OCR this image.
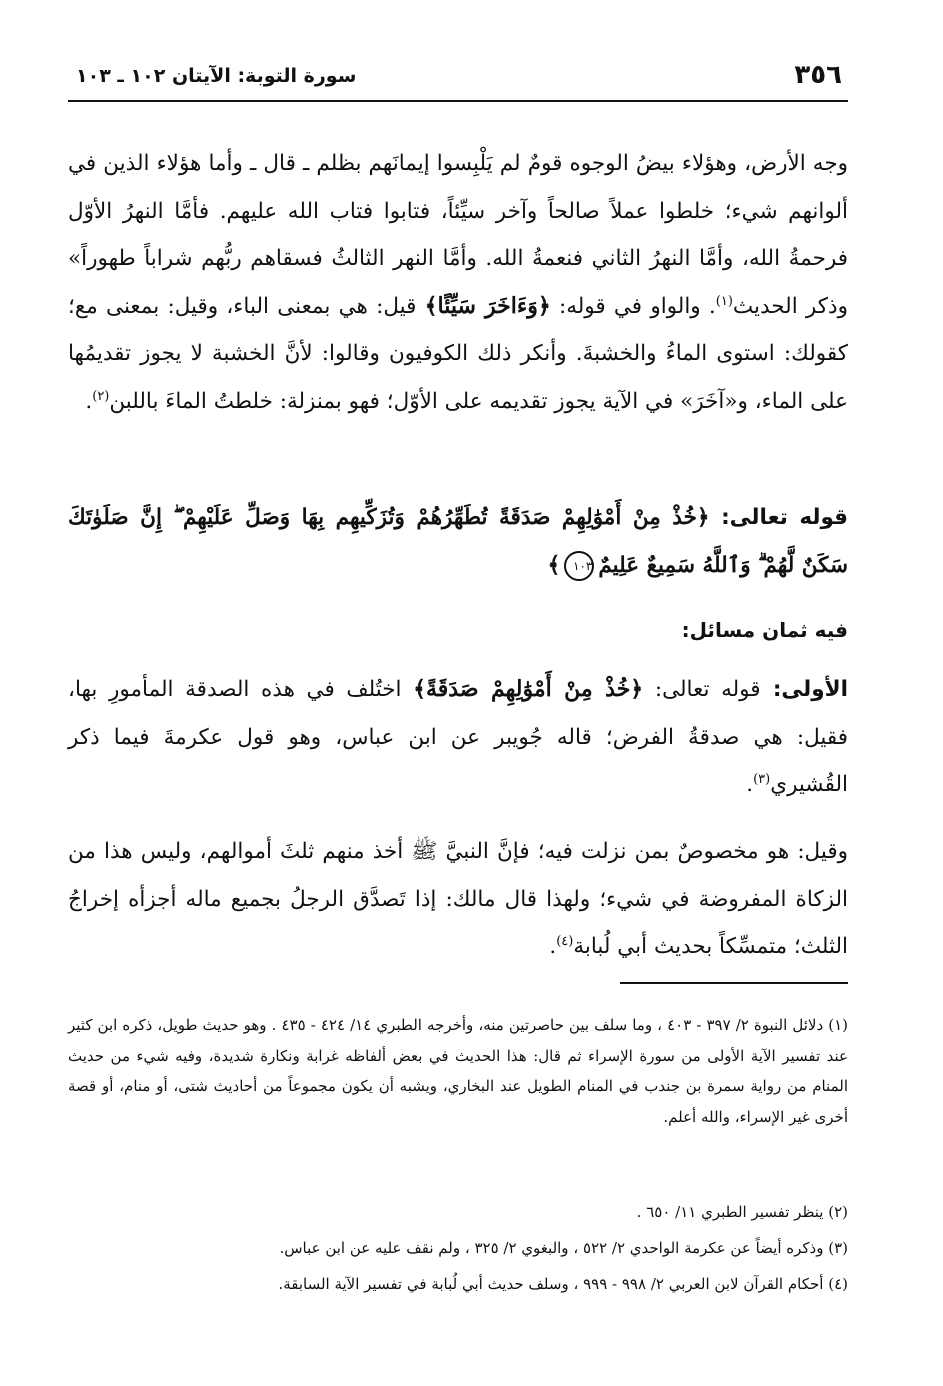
٣٥٦
سورة التوبة: الآيتان ١٠٢ ـ ١٠٣

وجه الأرض، وهؤلاء بيضُ الوجوه قومٌ لم يَلْبِسوا إيمانَهم بظلم ـ قال ـ وأما هؤلاء الذين في ألوانهم شيء؛ خلطوا عملاً صالحاً وآخر سيِّئاً، فتابوا فتاب الله عليهم. فأمَّا النهرُ الأوّل فرحمةُ الله، وأمَّا النهرُ الثاني فنعمةُ الله. وأمَّا النهر الثالثُ فسقاهم ربُّهم شراباً طهوراً» وذكر الحديث$^{(١)}$. والواو في قوله: ﴿وَءَاخَرَ سَيِّئًا﴾ قيل: هي بمعنى الباء، وقيل: بمعنى مع؛ كقولك: استوى الماءُ والخشبةَ. وأنكر ذلك الكوفيون وقالوا: لأنَّ الخشبة لا يجوز تقديمُها على الماء، و«آخَرَ» في الآية يجوز تقديمه على الأوّل؛ فهو بمنزلة: خلطتُ الماءَ باللبن$^{(٢)}$.

قوله تعالى: ﴿خُذْ مِنْ أَمْوَٰلِهِمْ صَدَقَةً تُطَهِّرُهُمْ وَتُزَكِّيهِم بِهَا وَصَلِّ عَلَيْهِمْ ۖ إِنَّ صَلَوٰتَكَ سَكَنٌ لَّهُمْ ۗ وَٱللَّهُ سَمِيعٌ عَلِيمٌ١٠٣﴾

فيه ثمان مسائل:

الأولى: قوله تعالى: ﴿خُذْ مِنْ أَمْوَٰلِهِمْ صَدَقَةً﴾ اختُلف في هذه الصدقة المأمورِ بها، فقيل: هي صدقةُ الفرض؛ قاله جُويبر عن ابن عباس، وهو قول عكرمةَ فيما ذكر القُشيري$^{(٣)}$.

وقيل: هو مخصوصٌ بمن نزلت فيه؛ فإنَّ النبيَّ ﷺ أخذ منهم ثلثَ أموالهم، وليس هذا من الزكاة المفروضة في شيء؛ ولهذا قال مالك: إذا تَصدَّق الرجلُ بجميع ماله أجزأه إخراجُ الثلث؛ متمسِّكاً بحديث أبي لُبابة$^{(٤)}$.

(١) دلائل النبوة ٢/ ٣٩٧ - ٤٠٣ ، وما سلف بين حاصرتين منه، وأخرجه الطبري ١٤/ ٤٢٤ - ٤٣٥ . وهو حديث طويل، ذكره ابن كثير عند تفسير الآية الأولى من سورة الإسراء ثم قال: هذا الحديث في بعض ألفاظه غرابة ونكارة شديدة، وفيه شيء من حديث المنام من رواية سمرة بن جندب في المنام الطويل عند البخاري، ويشبه أن يكون مجموعاً من أحاديث شتى، أو منام، أو قصة أخرى غير الإسراء، والله أعلم.

(٢) ينظر تفسير الطبري ١١/ ٦٥٠ .

(٣) وذكره أيضاً عن عكرمة الواحدي ٢/ ٥٢٢ ، والبغوي ٢/ ٣٢٥ ، ولم نقف عليه عن ابن عباس.

(٤) أحكام القرآن لابن العربي ٢/ ٩٩٨ - ٩٩٩ ، وسلف حديث أبي لُبابة في تفسير الآية السابقة.
